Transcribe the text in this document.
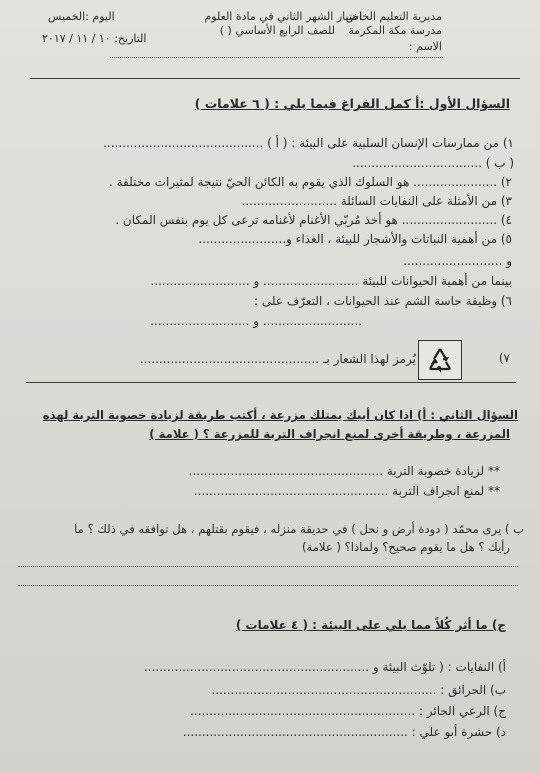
مديرية التعليم الخاص
مدرسة مكة المكرمة
الاسم :
اختبار الشهر الثاني في مادة العلوم
للصف الرابع الأساسي ( )
اليوم :الخميس
التاريخ: ١٠ / ١١ / ٢٠١٧
السؤال الأول :أ كمل الفراغ فيما يلي : ( ٦ علامات )
١) من ممارسات الإنسان السلبية على البيئة : ( أ ) ..........................................
( ب ) ..................................
٢) ...................... هو السلوك الذي يقوم به الكائن الحيّ نتيجة لمثيرات مختلفة .
٣) من الأمثلة على النفايات السائلة .........................
٤) ......................... هو أخذ مُربّي الأغنام لأغنامه ترعى كل يوم بنفس المكان .
٥) من أهمية النباتات والأشجار للبيئة ، الغذاء و.......................
و ..........................
بينما من أهمية الحيوانات للبيئة ......................... و ..........................
٦) وظيفة حاسة الشم عند الحيوانات ، التعرّف على :
.......................... و ..........................
٧)
يُرمز لهذا الشعار بـ ...............................................
السؤال الثاني : أ) اذا كان أبيك يمتلك مزرعة ، أكتب طريقة لزيادة خصوبة التربة لهذه
المزرعة ، وطريقة أخرى لمنع انجراف التربة للمزرعة ؟ ( علامة )
** لزيادة خصوبة التربة ...................................................
** لمنع انجراف التربة ...................................................
ب ) يرى محمّد ( دودة أرض و نحل ) في حديقة منزله ، فيقوم بقتلهم ، هل توافقه في ذلك ؟ ما
رأيك ؟ هل ما يقوم صحيح؟ ولماذا؟ ( علامة)
ج) ما أثر كُلاً مما يلي على البيئة : ( ٤ علامات )
أ) النفايات : ( تلوّث البيئة و ...........................................................
ب) الحرائق : ...........................................................
ج) الرعي الجائر : ...........................................................
د) حشرة أبو علي : ...........................................................
